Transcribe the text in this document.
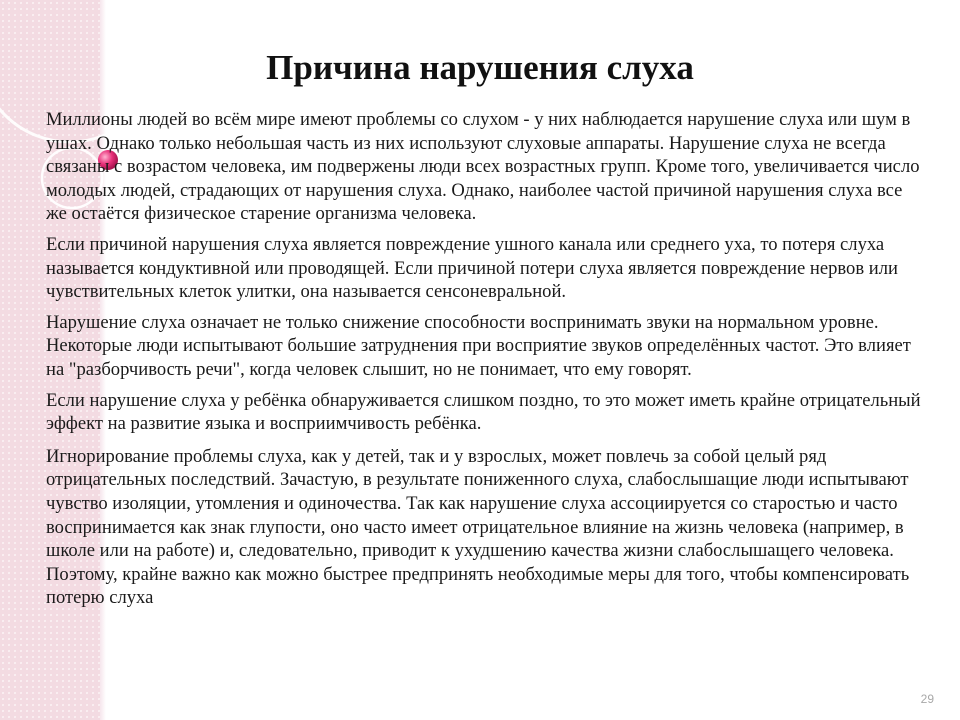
Причина нарушения слуха

Миллионы людей во всём мире имеют проблемы со слухом - у них наблюдается нарушение слуха или шум в ушах. Однако только небольшая часть из них используют слуховые аппараты. Нарушение слуха не всегда связаны с возрастом человека, им подвержены люди всех возрастных групп. Кроме того, увеличивается число молодых людей, страдающих от нарушения слуха. Однако, наиболее частой причиной нарушения слуха все же остаётся физическое старение организма человека.

Если причиной нарушения слуха является повреждение ушного канала или среднего уха, то потеря слуха называется кондуктивной или проводящей. Если причиной потери слуха является повреждение нервов или чувствительных клеток улитки, она называется сенсоневральной.

Нарушение слуха означает не только снижение способности воспринимать звуки на нормальном уровне. Некоторые люди испытывают большие затруднения при восприятие звуков определённых частот. Это влияет на "разборчивость речи", когда человек слышит, но не понимает, что ему говорят.

Если нарушение слуха у ребёнка обнаруживается слишком поздно, то это может иметь крайне отрицательный эффект на развитие языка и восприимчивость ребёнка.

Игнорирование проблемы слуха, как у детей, так и у взрослых, может повлечь за собой целый ряд отрицательных последствий. Зачастую, в результате пониженного слуха, слабослышащие люди испытывают чувство изоляции, утомления и одиночества. Так как нарушение слуха ассоциируется со старостью и часто воспринимается как знак глупости, оно часто имеет отрицательное влияние на жизнь человека (например, в школе или на работе) и, следовательно, приводит к ухудшению качества жизни слабослышащего человека. Поэтому, крайне важно как можно быстрее предпринять необходимые меры для того, чтобы компенсировать потерю слуха

29
